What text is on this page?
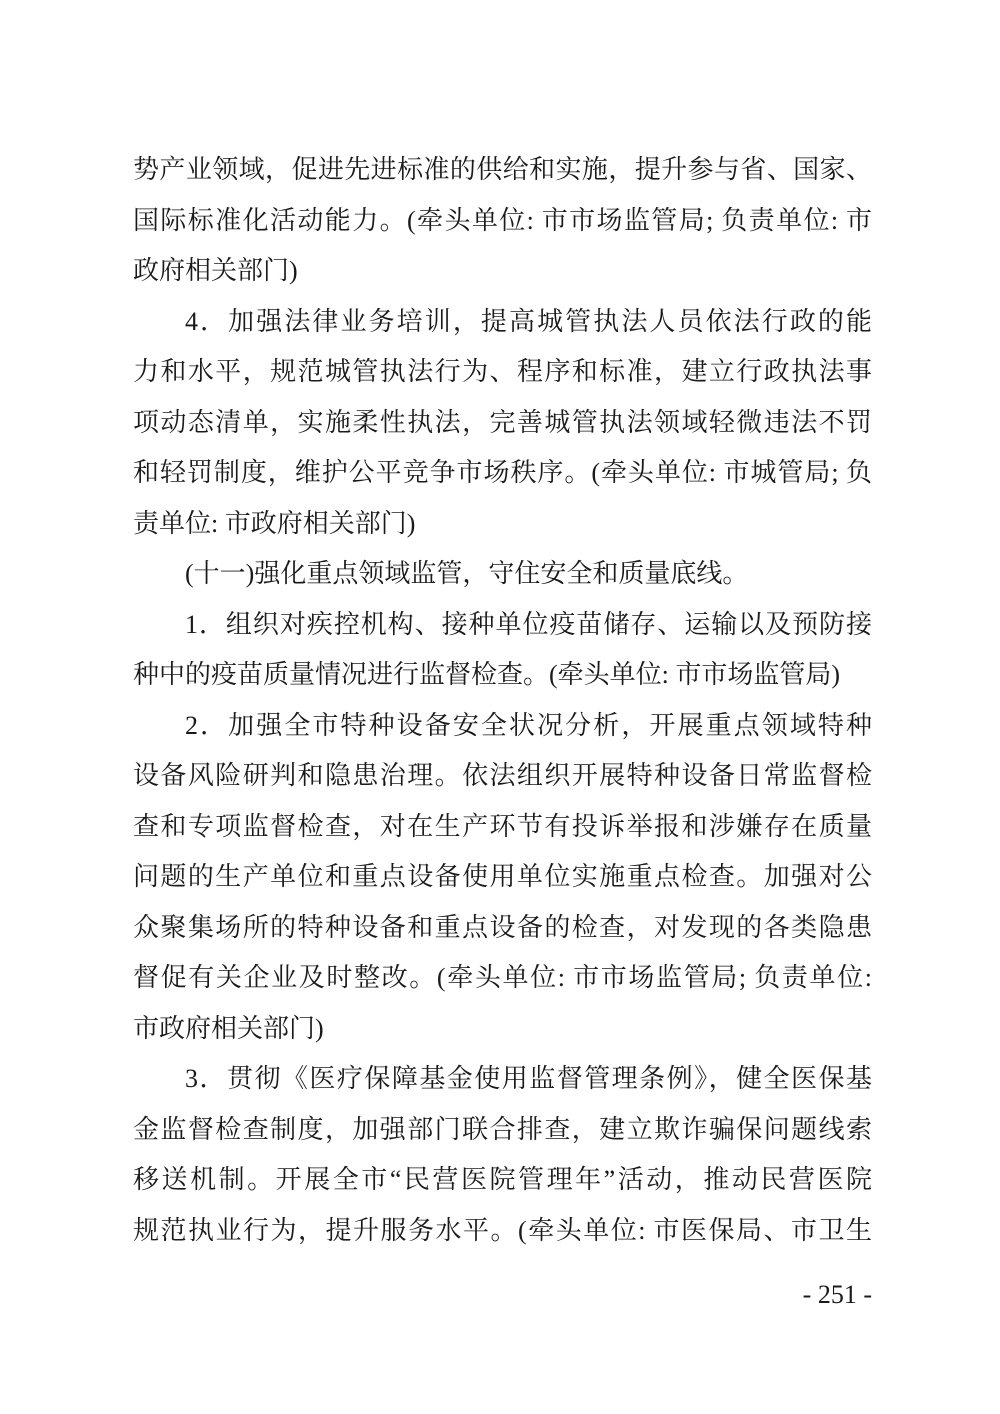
势产业领域，促进先进标准的供给和实施，提升参与省、国家、
国际标准化活动能力。(牵头单位: 市市场监管局; 负责单位: 市
政府相关部门)
4．加强法律业务培训，提高城管执法人员依法行政的能
力和水平，规范城管执法行为、程序和标准，建立行政执法事
项动态清单，实施柔性执法，完善城管执法领域轻微违法不罚
和轻罚制度，维护公平竞争市场秩序。(牵头单位: 市城管局; 负
责单位: 市政府相关部门)
(十一)强化重点领域监管，守住安全和质量底线。
1．组织对疾控机构、接种单位疫苗储存、运输以及预防接
种中的疫苗质量情况进行监督检查。(牵头单位: 市市场监管局)
2．加强全市特种设备安全状况分析，开展重点领域特种
设备风险研判和隐患治理。依法组织开展特种设备日常监督检
查和专项监督检查，对在生产环节有投诉举报和涉嫌存在质量
问题的生产单位和重点设备使用单位实施重点检查。加强对公
众聚集场所的特种设备和重点设备的检查，对发现的各类隐患
督促有关企业及时整改。(牵头单位: 市市场监管局; 负责单位:
市政府相关部门)
3．贯彻《医疗保障基金使用监督管理条例》，健全医保基
金监督检查制度，加强部门联合排查，建立欺诈骗保问题线索
移送机制。开展全市“民营医院管理年”活动，推动民营医院
规范执业行为，提升服务水平。(牵头单位: 市医保局、市卫生
- 251 -
